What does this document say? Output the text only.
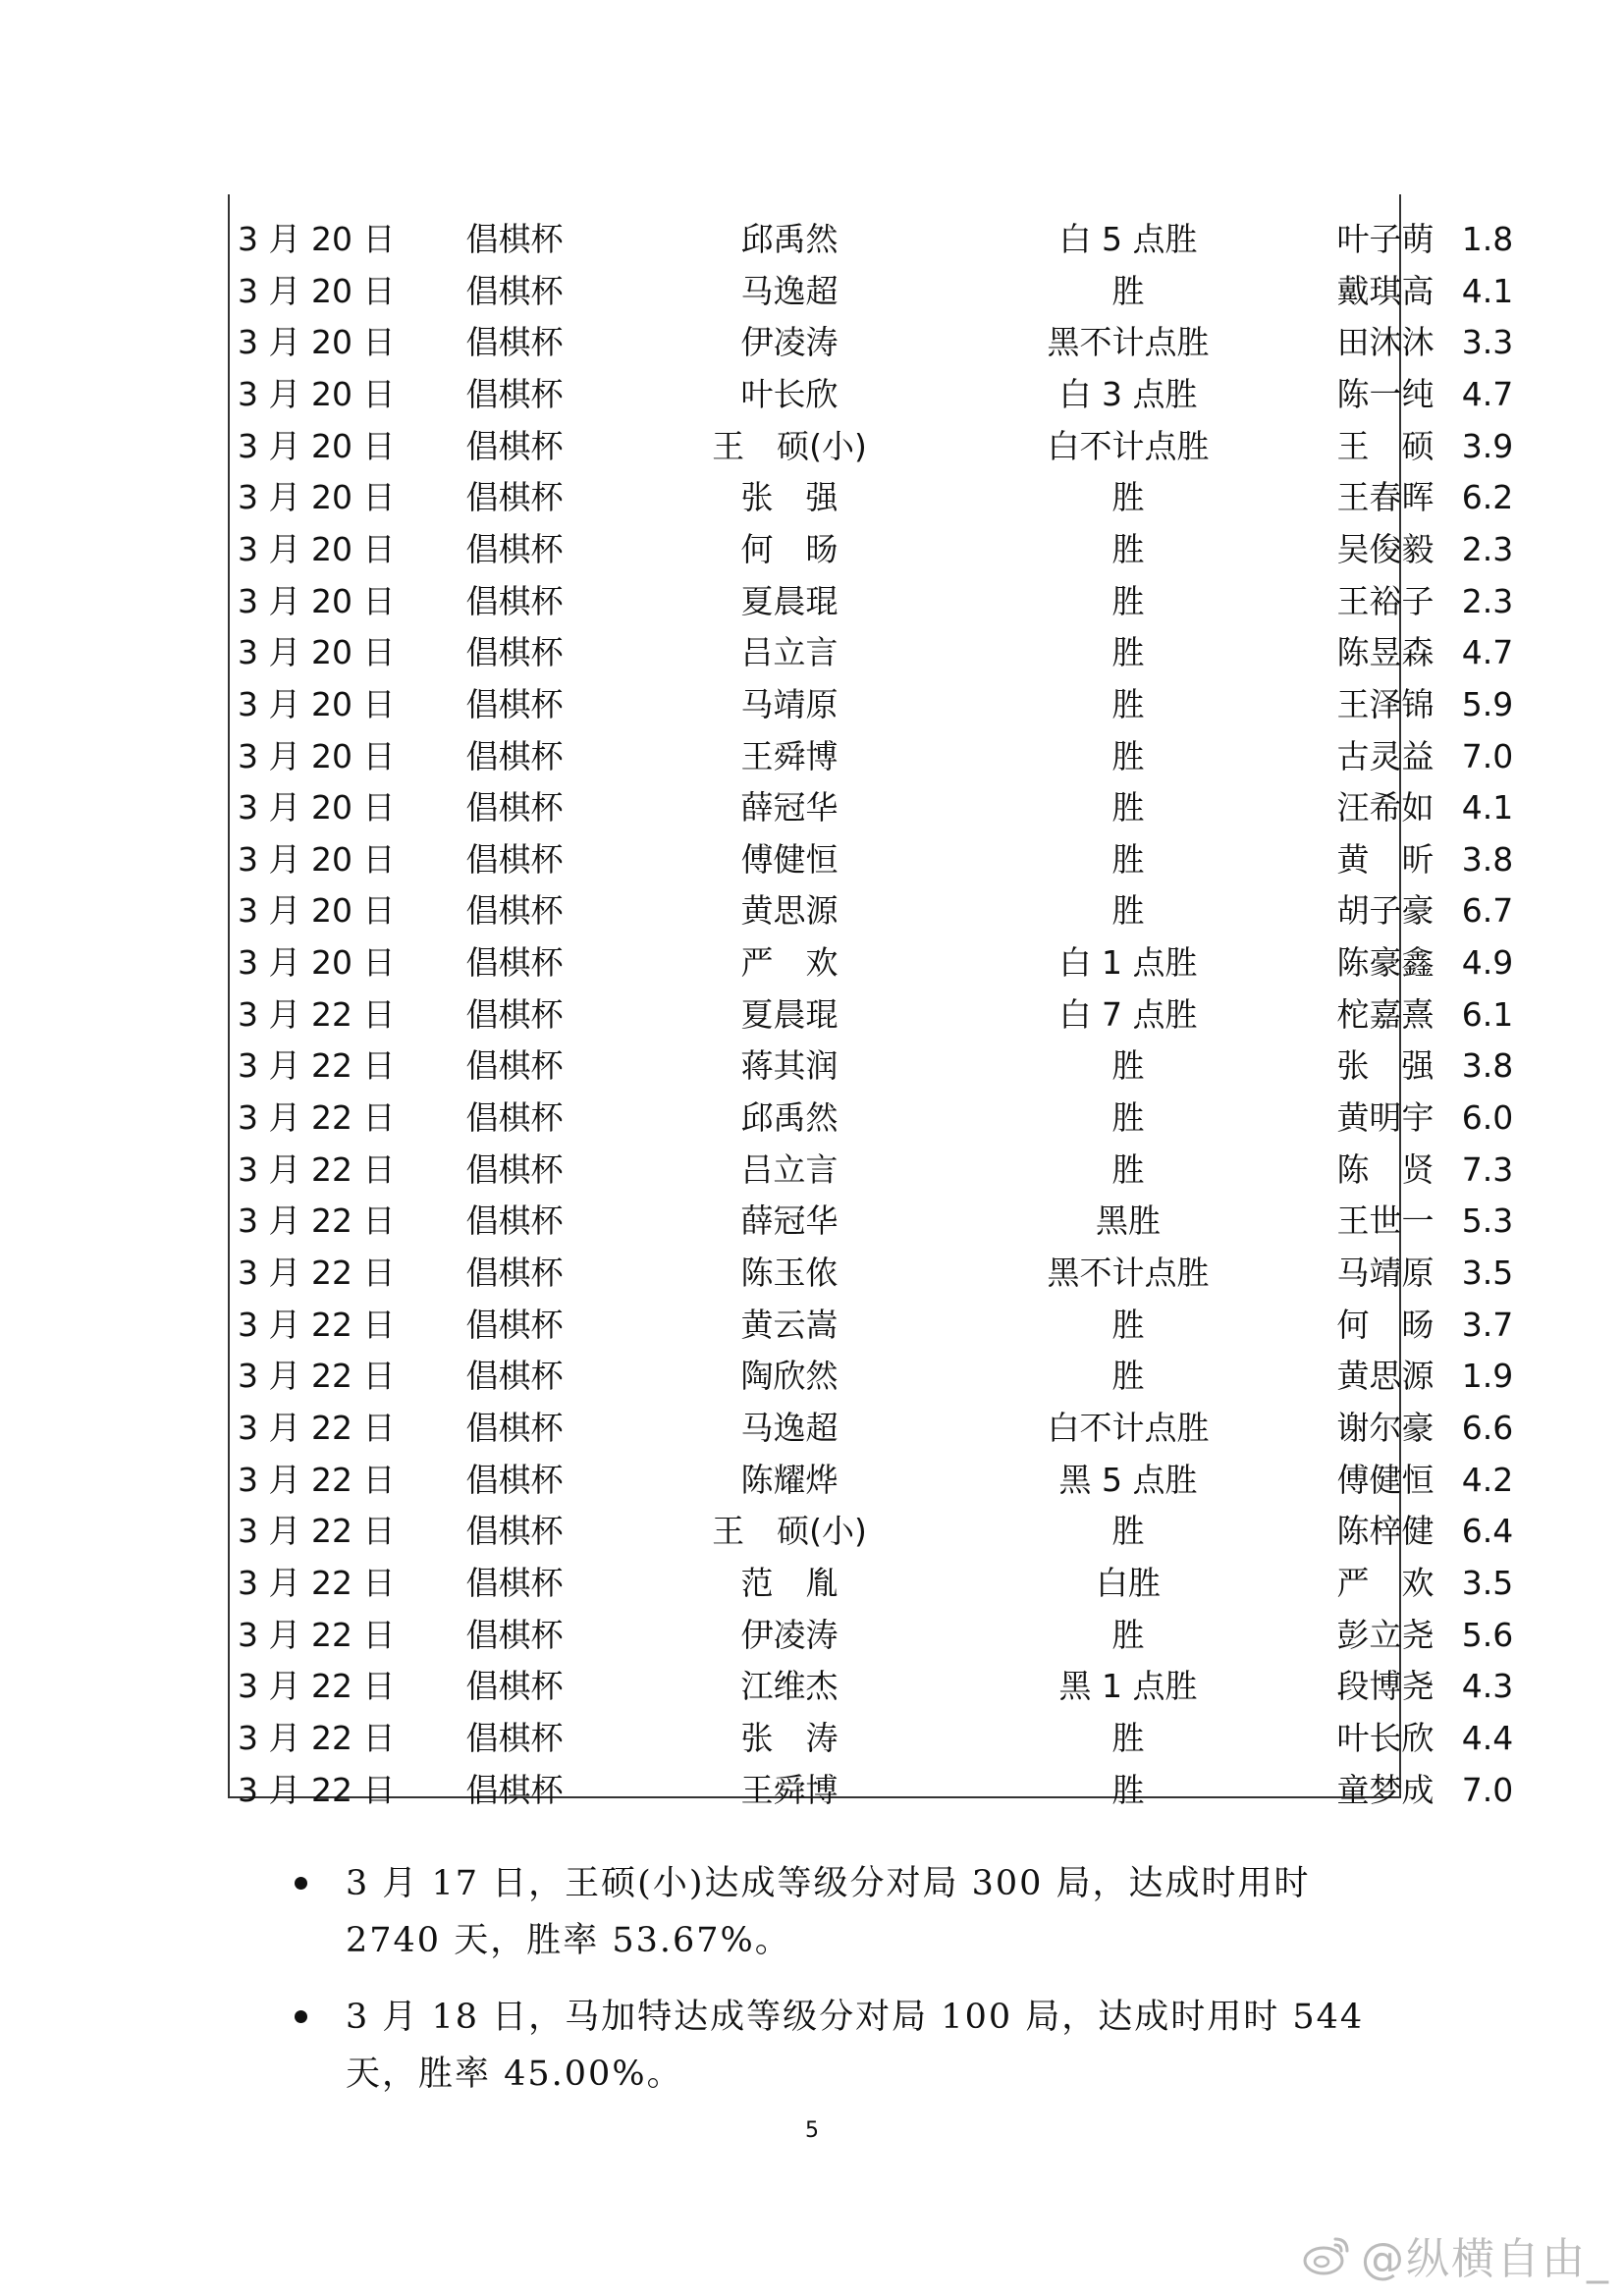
3 月 20 日	倡棋杯	邱禹然	白 5 点胜	叶子萌 1.8
3 月 20 日	倡棋杯	马逸超	胜	戴琪高 4.1
3 月 20 日	倡棋杯	伊凌涛	黑不计点胜	田沐沐 3.3
3 月 20 日	倡棋杯	叶长欣	白 3 点胜	陈一纯 4.7
3 月 20 日	倡棋杯	王　硕(小)	白不计点胜	王　硕 3.9
3 月 20 日	倡棋杯	张　强	胜	王春晖 6.2
3 月 20 日	倡棋杯	何　旸	胜	吴俊毅 2.3
3 月 20 日	倡棋杯	夏晨琨	胜	王裕子 2.3
3 月 20 日	倡棋杯	吕立言	胜	陈昱森 4.7
3 月 20 日	倡棋杯	马靖原	胜	王泽锦 5.9
3 月 20 日	倡棋杯	王舜博	胜	古灵益 7.0
3 月 20 日	倡棋杯	薛冠华	胜	汪希如 4.1
3 月 20 日	倡棋杯	傅健恒	胜	黄　昕 3.8
3 月 20 日	倡棋杯	黄思源	胜	胡子豪 6.7
3 月 20 日	倡棋杯	严　欢	白 1 点胜	陈豪鑫 4.9
3 月 22 日	倡棋杯	夏晨琨	白 7 点胜	柁嘉熹 6.1
3 月 22 日	倡棋杯	蒋其润	胜	张　强 3.8
3 月 22 日	倡棋杯	邱禹然	胜	黄明宇 6.0
3 月 22 日	倡棋杯	吕立言	胜	陈　贤 7.3
3 月 22 日	倡棋杯	薛冠华	黑胜	王世一 5.3
3 月 22 日	倡棋杯	陈玉侬	黑不计点胜	马靖原 3.5
3 月 22 日	倡棋杯	黄云嵩	胜	何　旸 3.7
3 月 22 日	倡棋杯	陶欣然	胜	黄思源 1.9
3 月 22 日	倡棋杯	马逸超	白不计点胜	谢尔豪 6.6
3 月 22 日	倡棋杯	陈耀烨	黑 5 点胜	傅健恒 4.2
3 月 22 日	倡棋杯	王　硕(小)	胜	陈梓健 6.4
3 月 22 日	倡棋杯	范　胤	白胜	严　欢 3.5
3 月 22 日	倡棋杯	伊凌涛	胜	彭立尧 5.6
3 月 22 日	倡棋杯	江维杰	黑 1 点胜	段博尧 4.3
3 月 22 日	倡棋杯	张　涛	胜	叶长欣 4.4
3 月 22 日	倡棋杯	王舜博	胜	童梦成 7.0
3 月 17 日，王硕(小)达成等级分对局 300 局，达成时用时 2740 天，胜率 53.67%。
3 月 18 日，马加特达成等级分对局 100 局，达成时用时 544 天，胜率 45.00%。
5
@纵横自由_
